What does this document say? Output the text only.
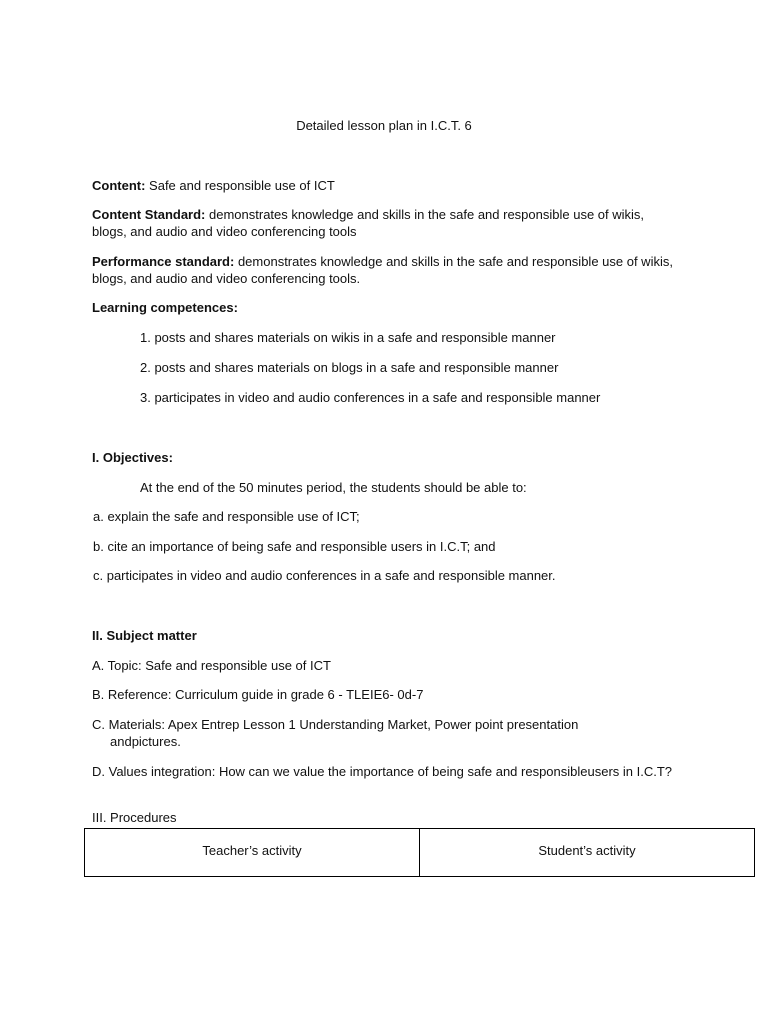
Detailed lesson plan in I.C.T. 6
Content: Safe and responsible use of ICT
Content Standard: demonstrates knowledge and skills in the safe and responsible use of wikis, blogs, and audio and video conferencing tools
Performance standard: demonstrates knowledge and skills in the safe and responsible use of wikis, blogs, and audio and video conferencing tools.
Learning competences:
1. posts and shares materials on wikis in a safe and responsible manner
2. posts and shares materials on blogs in a safe and responsible manner
3. participates in video and audio conferences in a safe and responsible manner
I. Objectives:
At the end of the 50 minutes period, the students should be able to:
a. explain the safe and responsible use of ICT;
b. cite an importance of being safe and responsible users in I.C.T; and
c. participates in video and audio conferences in a safe and responsible manner.
II. Subject matter
A. Topic: Safe and responsible use of ICT
B. Reference: Curriculum guide in grade 6 - TLEIE6- 0d-7
C. Materials: Apex Entrep Lesson 1 Understanding Market, Power point presentation andpictures.
D. Values integration: How can we value the importance of being safe and responsibleusers in I.C.T?
III. Procedures
Teacher’s activity	Student’s activity
